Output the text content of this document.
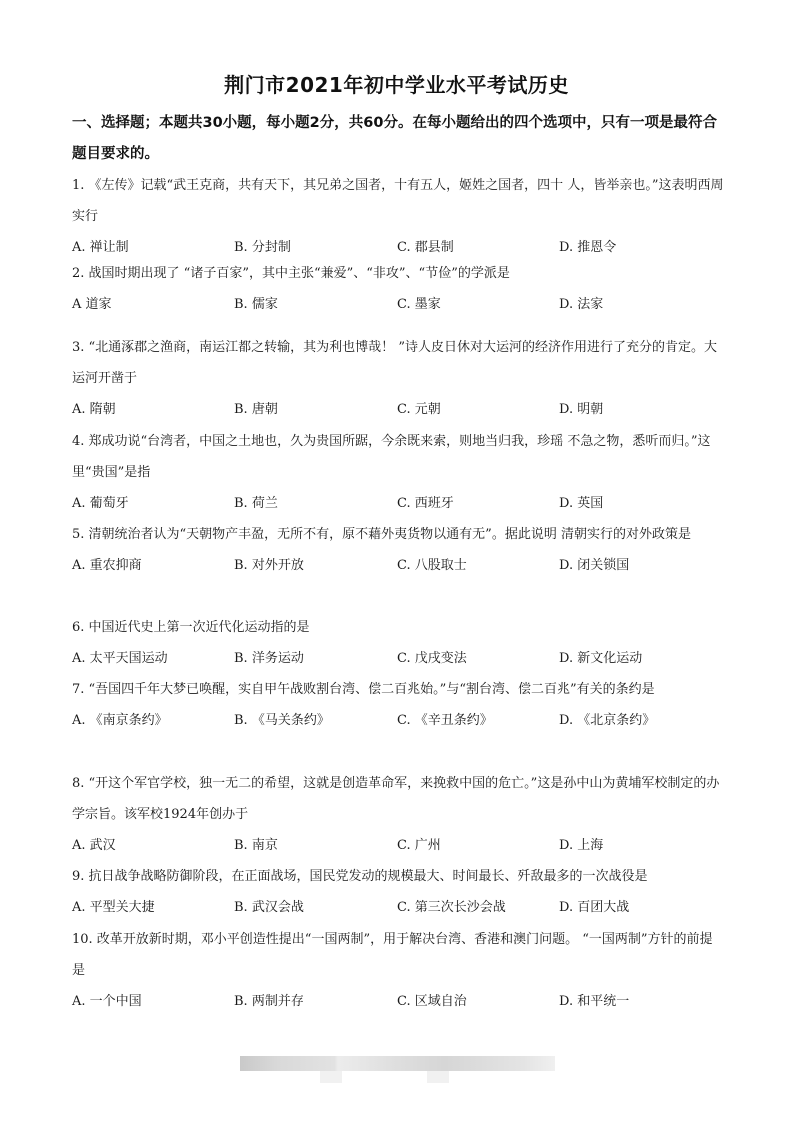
荆门市2021年初中学业水平考试历史
一、选择题；本题共30小题，每小题2分，共60分。在每小题给出的四个选项中，只有一项是最符合题目要求的。
1. 《左传》记载“武王克商，共有天下，其兄弟之国者，十有五人，姬姓之国者，四十 人，皆举亲也。”这表明西周实行
A. 禅让制	B. 分封制	C. 郡县制	D. 推恩令
2. 战国时期出现了 “诸子百家”，其中主张“兼爱”、“非攻”、“节俭”的学派是
A 道家	B. 儒家	C. 墨家	D. 法家
3. “北通涿郡之渔商，南运江都之转输，其为利也博哉！ ”诗人皮日休对大运河的经济作用进行了充分的肯定。大运河开凿于
A. 隋朝	B. 唐朝	C. 元朝	D. 明朝
4. 郑成功说“台湾者，中国之土地也，久为贵国所踞，今余既来索，则地当归我，珍瑶 不急之物，悉听而归。”这里“贵国”是指
A. 葡萄牙	B. 荷兰	C. 西班牙	D. 英国
5. 清朝统治者认为“天朝物产丰盈，无所不有，原不藉外夷货物以通有无”。据此说明 清朝实行的对外政策是
A. 重农抑商	B. 对外开放	C. 八股取士	D. 闭关锁国
6. 中国近代史上第一次近代化运动指的是
A. 太平天国运动	B. 洋务运动	C. 戊戌变法	D. 新文化运动
7. “吾国四千年大梦已唤醒，实自甲午战败割台湾、偿二百兆始。”与“割台湾、偿二百兆”有关的条约是
A. 《南京条约》	B. 《马关条约》	C. 《辛丑条约》	D. 《北京条约》
8. “开这个军官学校，独一无二的希望，这就是创造革命军，来挽救中国的危亡。”这是孙中山为黄埔军校制定的办学宗旨。该军校1924年创办于
A. 武汉	B. 南京	C. 广州	D. 上海
9. 抗日战争战略防御阶段，在正面战场，国民党发动的规模最大、时间最长、歼敌最多的一次战役是
A. 平型关大捷	B. 武汉会战	C. 第三次长沙会战	D. 百团大战
10. 改革开放新时期，邓小平创造性提出“一国两制”，用于解决台湾、香港和澳门问题。 “一国两制”方针的前提是
A. 一个中国	B. 两制并存	C. 区域自治	D. 和平统一
